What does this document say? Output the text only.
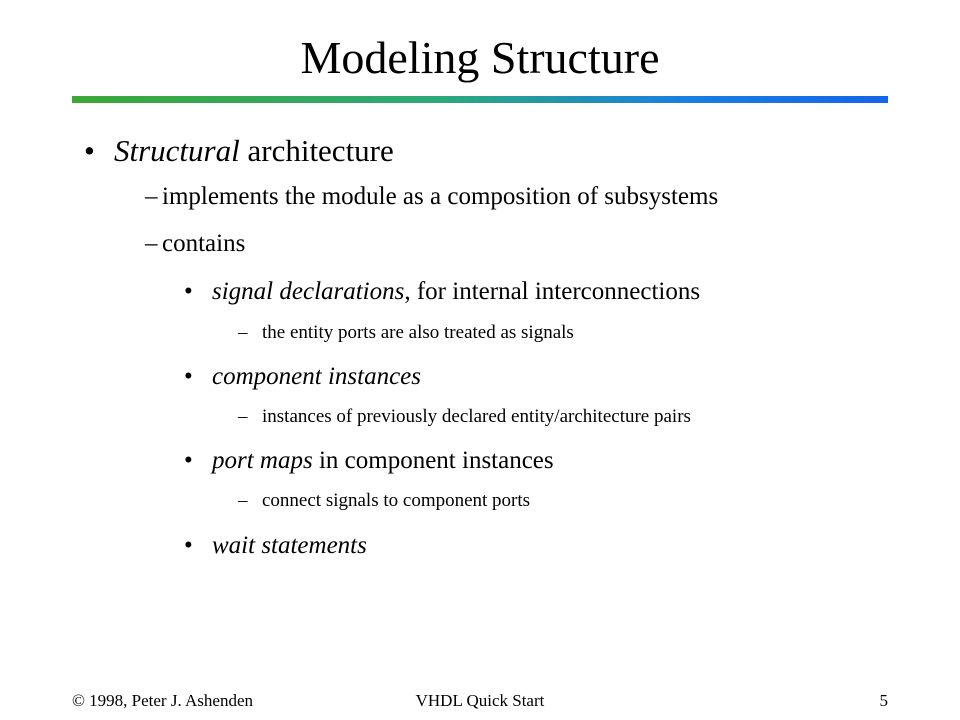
Modeling Structure
• Structural architecture
– implements the module as a composition of subsystems
– contains
• signal declarations, for internal interconnections
– the entity ports are also treated as signals
• component instances
– instances of previously declared entity/architecture pairs
• port maps in component instances
– connect signals to component ports
• wait statements
© 1998, Peter J. Ashenden	VHDL Quick Start	5
